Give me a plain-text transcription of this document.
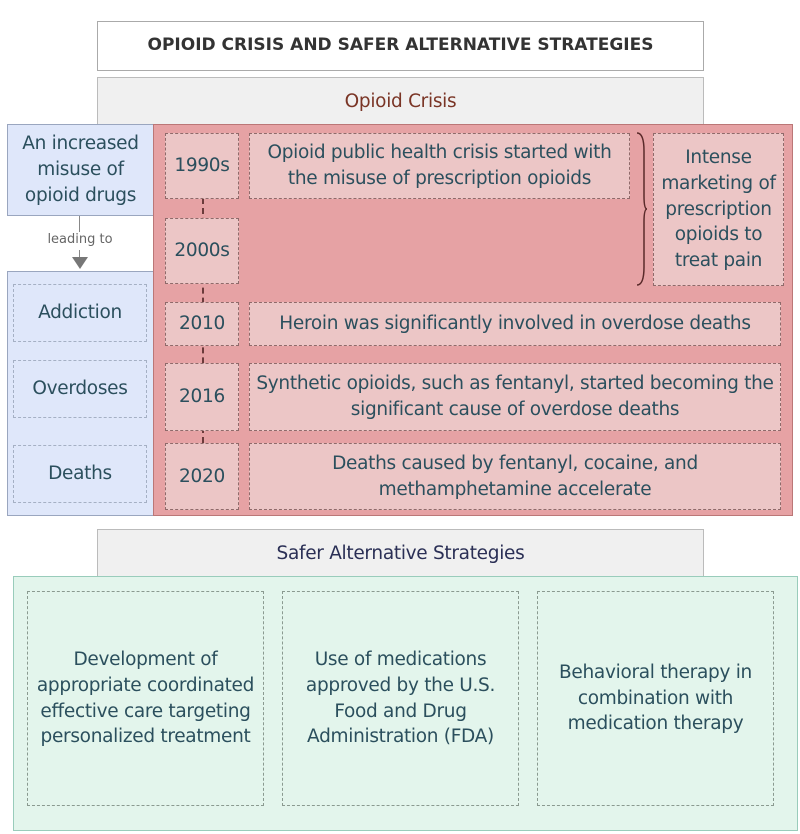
OPIOID CRISIS AND SAFER ALTERNATIVE STRATEGIES
Opioid Crisis
An increased misuse of opioid drugs
leading to
Addiction
Overdoses
Deaths
1990s
2000s
2010
2016
2020
Opioid public health crisis started with the misuse of prescription opioids
Heroin was significantly involved in overdose deaths
Synthetic opioids, such as fentanyl, started becoming the significant cause of overdose deaths
Deaths caused by fentanyl, cocaine, and methamphetamine accelerate
Intense marketing of prescription opioids to treat pain
Safer Alternative Strategies
Development of appropriate coordinated effective care targeting personalized treatment
Use of medications approved by the U.S. Food and Drug Administration (FDA)
Behavioral therapy in combination with medication therapy
